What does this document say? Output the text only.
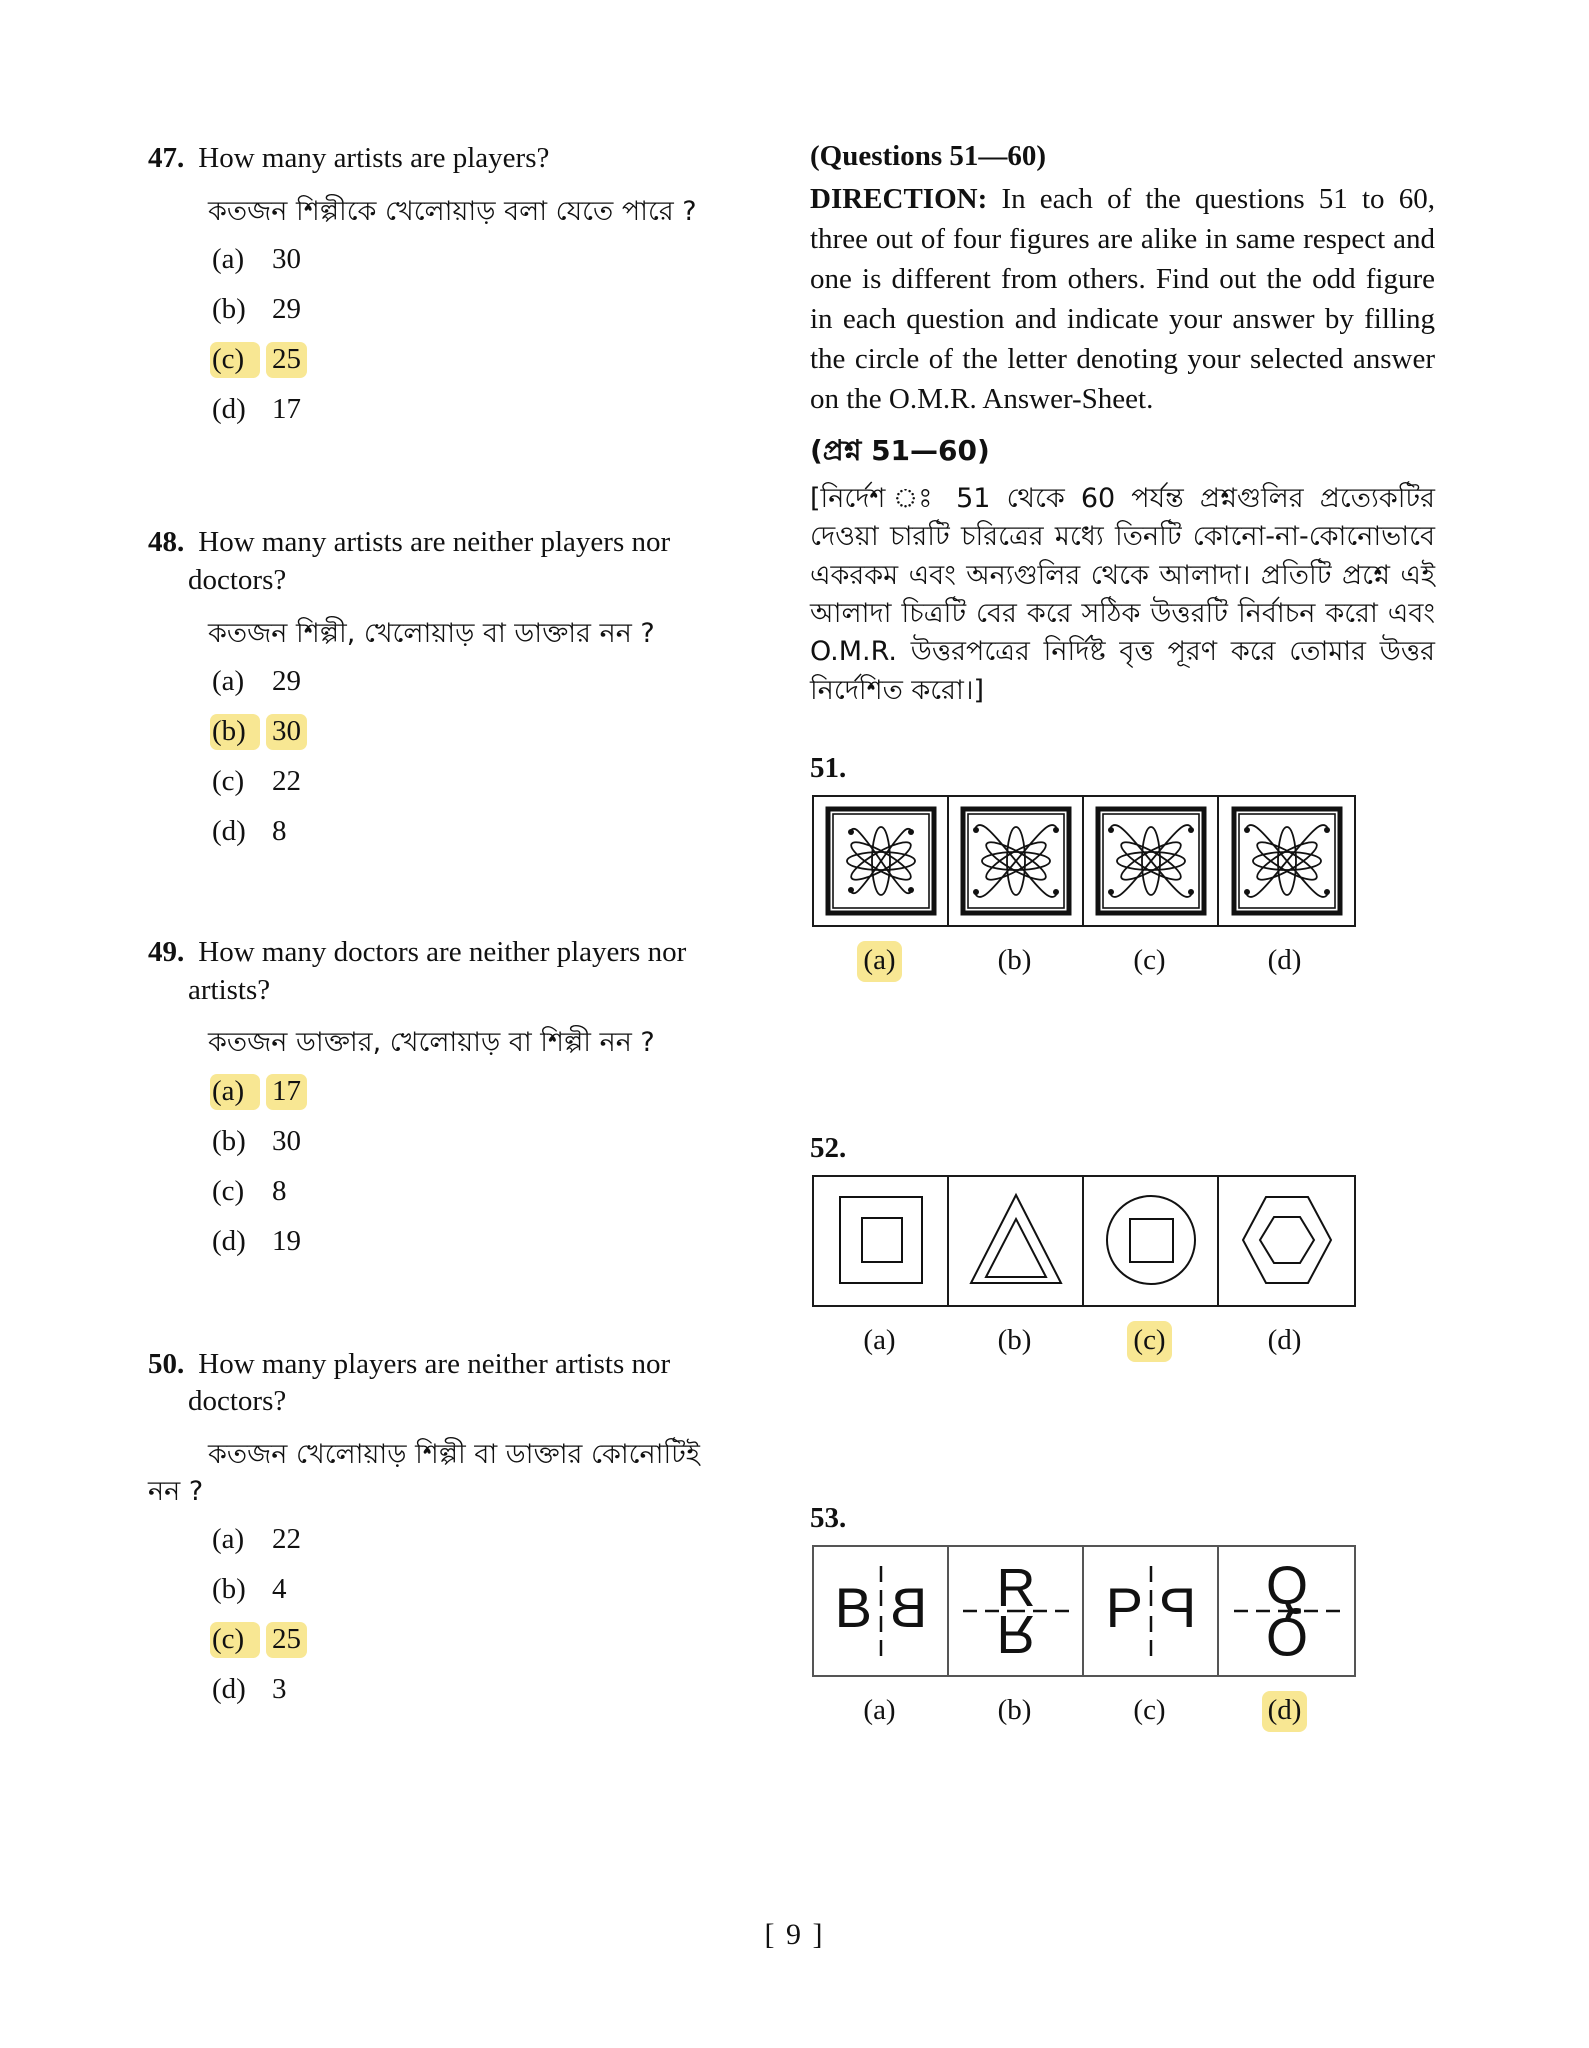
47. How many artists are players?

কতজন শিল্পীকে খেলোয়াড় বলা যেতে পারে ?

(a) 30
(b) 29
(c) 25
(d) 17

48. How many artists are neither players nor doctors?

কতজন শিল্পী, খেলোয়াড় বা ডাক্তার নন ?

(a) 29
(b) 30
(c) 22
(d) 8

49. How many doctors are neither players nor artists?

কতজন ডাক্তার, খেলোয়াড় বা শিল্পী নন ?

(a) 17
(b) 30
(c) 8
(d) 19

50. How many players are neither artists nor doctors?

কতজন খেলোয়াড় শিল্পী বা ডাক্তার কোনোটিই

নন ?

(a) 22
(b) 4
(c) 25
(d) 3

(Questions 51—60)

DIRECTION: In each of the questions 51 to 60, three out of four figures are alike in same respect and one is different from others. Find out the odd figure in each question and indicate your answer by filling the circle of the letter denoting your selected answer on the O.M.R. Answer-Sheet.

(প্রশ্ন 51—60)

[নির্দেশ ঃ 51 থেকে 60 পর্যন্ত প্রশ্নগুলির প্রত্যেকটির দেওয়া চারটি চরিত্রের মধ্যে তিনটি কোনো-না-কোনোভাবে একরকম এবং অন্যগুলির থেকে আলাদা। প্রতিটি প্রশ্নে এই আলাদা চিত্রটি বের করে সঠিক উত্তরটি নির্বাচন করো এবং O.M.R. উত্তরপত্রের নির্দিষ্ট বৃত্ত পূরণ করে তোমার উত্তর নির্দেশিত করো।]

51.

(a)	(b)	(c)	(d)

52.

(a)	(b)	(c)	(d)

53.

B B R
R P P Q
Q
(a)	(b)	(c)	(d)
[ 9 ]
